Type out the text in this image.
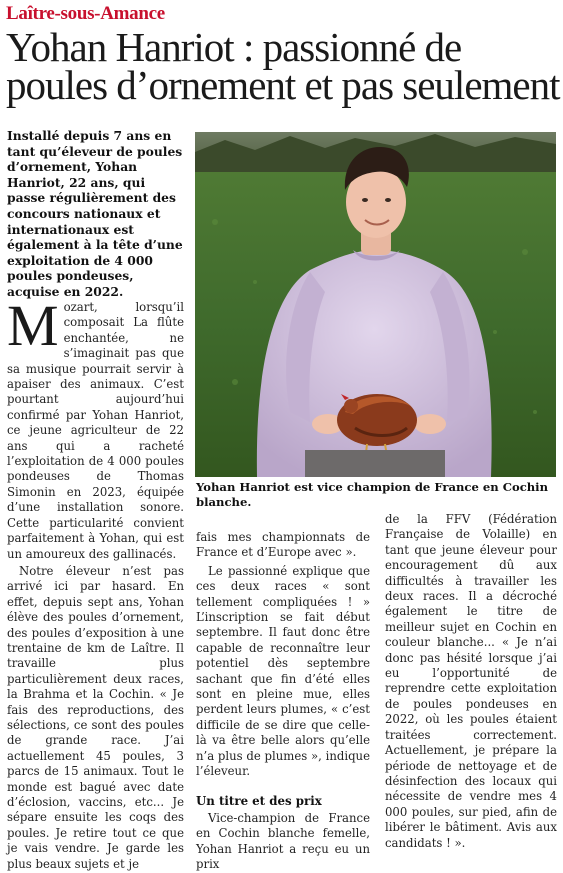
Laître-sous-Amance
Yohan Hanriot : passionné de poules d’ornement et pas seulement
Installé depuis 7 ans en tant qu’éleveur de poules d’ornement, Yohan Hanriot, 22 ans, qui passe régulièrement des concours nationaux et internationaux est également à la tête d’une exploitation de 4 000 poules pondeuses, acquise en 2022.
Mozart, lorsqu’il composait La flûte enchantée, ne s’imaginait pas que sa musique pourrait servir à apaiser des animaux. C’est pourtant aujourd’hui confirmé par Yohan Hanriot, ce jeune agriculteur de 22 ans qui a racheté l’exploitation de 4 000 poules pondeuses de Thomas Simonin en 2023, équipée d’une installation sonore. Cette particularité convient parfaitement à Yohan, qui est un amoureux des gallinacés.
Notre éleveur n’est pas arrivé ici par hasard. En effet, depuis sept ans, Yohan élève des poules d’ornement, des poules d’exposition à une trentaine de km de Laître. Il travaille plus particulièrement deux races, la Brahma et la Cochin. « Je fais des reproductions, des sélections, ce sont des poules de grande race. J’ai actuellement 45 poules, 3 parcs de 15 animaux. Tout le monde est bagué avec date d’éclosion, vaccins, etc... Je sépare ensuite les coqs des poules. Je retire tout ce que je vais vendre. Je garde les plus beaux sujets et je
Yohan Hanriot est vice champion de France en Cochin blanche.
fais mes championnats de France et d’Europe avec ».
Le passionné explique que ces deux races « sont tellement compliquées ! » L’inscription se fait début septembre. Il faut donc être capable de reconnaître leur potentiel dès septembre sachant que fin d’été elles sont en pleine mue, elles perdent leurs plumes, « c’est difficile de se dire que celle-là va être belle alors qu’elle n’a plus de plumes », indique l’éleveur.
Un titre et des prix
Vice-champion de France en Cochin blanche femelle, Yohan Hanriot a reçu eu un prix
de la FFV (Fédération Française de Volaille) en tant que jeune éleveur pour encouragement dû aux difficultés à travailler les deux races. Il a décroché également le titre de meilleur sujet en Cochin en couleur blanche... « Je n’ai donc pas hésité lorsque j’ai eu l’opportunité de reprendre cette exploitation de poules pondeuses en 2022, où les poules étaient traitées correctement. Actuellement, je prépare la période de nettoyage et de désinfection des locaux qui nécessite de vendre mes 4 000 poules, sur pied, afin de libérer le bâtiment. Avis aux candidats ! ».
